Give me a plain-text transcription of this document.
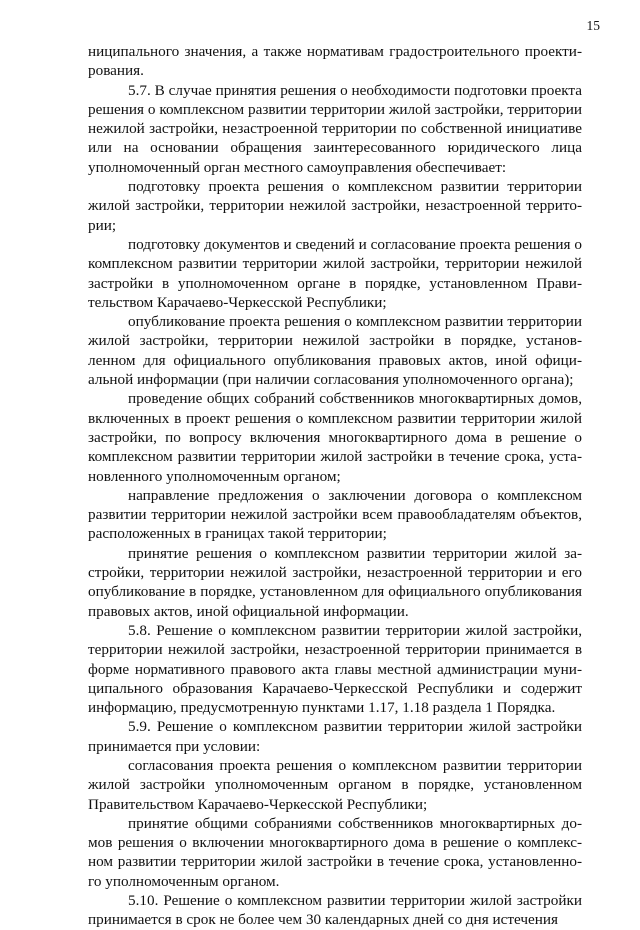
15

ниципального значения, а также нормативам градостроительного проектирования.

5.7. В случае принятия решения о необходимости подготовки проекта решения о комплексном развитии территории жилой застройки, территории нежилой застройки, незастроенной территории по собственной инициативе или на основании обращения заинтересованного юридического лица уполномоченный орган местного самоуправления обеспечивает:

подготовку проекта решения о комплексном развитии территории жилой застройки, территории нежилой застройки, незастроенной территории;

подготовку документов и сведений и согласование проекта решения о комплексном развитии территории жилой застройки, территории нежилой застройки в уполномоченном органе в порядке, установленном Правительством Карачаево-Черкесской Республики;

опубликование проекта решения о комплексном развитии территории жилой застройки, территории нежилой застройки в порядке, установленном для официального опубликования правовых актов, иной официальной информации (при наличии согласования уполномоченного органа);

проведение общих собраний собственников многоквартирных домов, включенных в проект решения о комплексном развитии территории жилой застройки, по вопросу включения многоквартирного дома в решение о комплексном развитии территории жилой застройки в течение срока, установленного уполномоченным органом;

направление предложения о заключении договора о комплексном развитии территории нежилой застройки всем правообладателям объектов, расположенных в границах такой территории;

принятие решения о комплексном развитии территории жилой застройки, территории нежилой застройки, незастроенной территории и его опубликование в порядке, установленном для официального опубликования правовых актов, иной официальной информации.

5.8. Решение о комплексном развитии территории жилой застройки, территории нежилой застройки, незастроенной территории принимается в форме нормативного правового акта главы местной администрации муниципального образования Карачаево-Черкесской Республики и содержит информацию, предусмотренную пунктами 1.17, 1.18 раздела 1 Порядка.

5.9. Решение о комплексном развитии территории жилой застройки принимается при условии:

согласования проекта решения о комплексном развитии территории жилой застройки уполномоченным органом в порядке, установленном Правительством Карачаево-Черкесской Республики;

принятие общими собраниями собственников многоквартирных домов решения о включении многоквартирного дома в решение о комплексном развитии территории жилой застройки в течение срока, установленного уполномоченным органом.

5.10. Решение о комплексном развитии территории жилой застройки принимается в срок не более чем 30 календарных дней со дня истечения
